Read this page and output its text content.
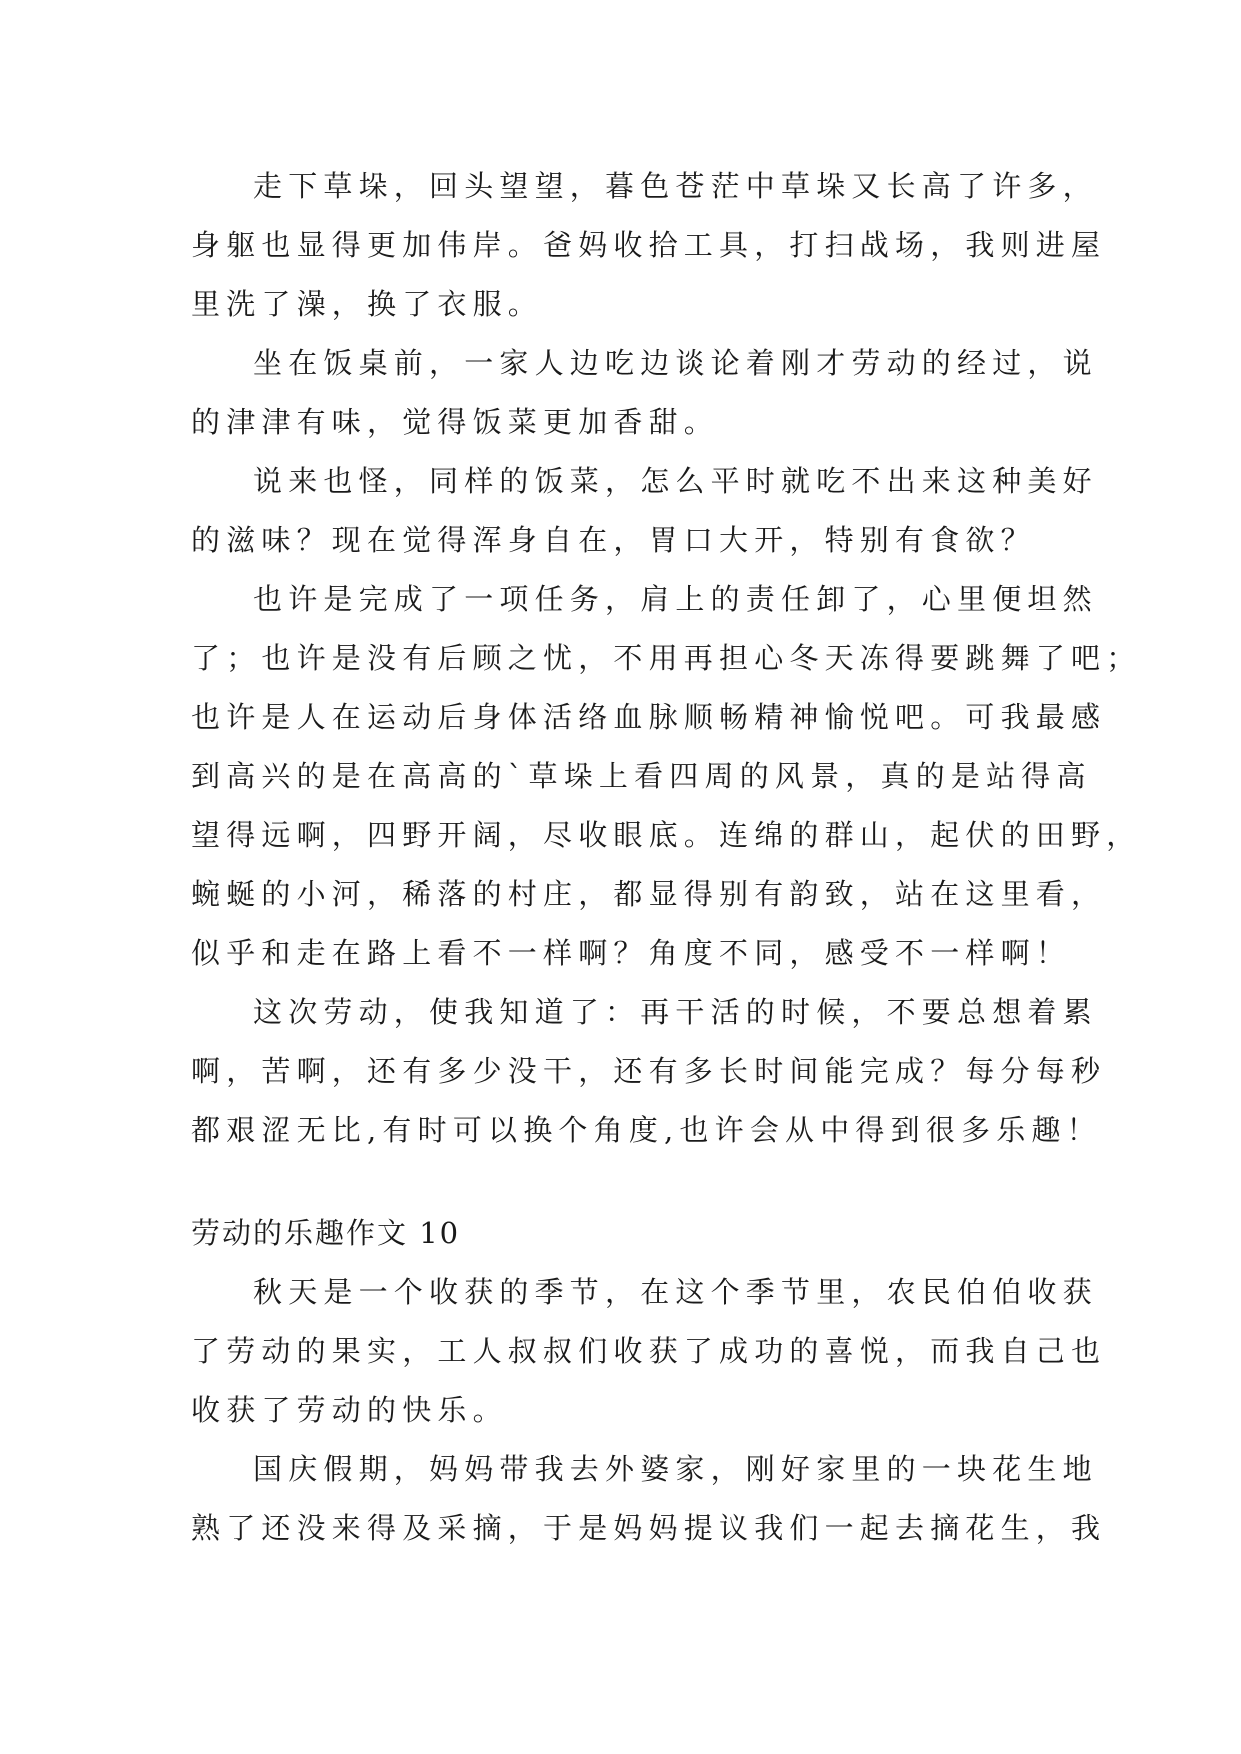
走下草垛，回头望望，暮色苍茫中草垛又长高了许多，
身躯也显得更加伟岸。爸妈收拾工具，打扫战场，我则进屋
里洗了澡，换了衣服。
坐在饭桌前，一家人边吃边谈论着刚才劳动的经过，说
的津津有味，觉得饭菜更加香甜。
说来也怪，同样的饭菜，怎么平时就吃不出来这种美好
的滋味？现在觉得浑身自在，胃口大开，特别有食欲？
也许是完成了一项任务，肩上的责任卸了，心里便坦然
了；也许是没有后顾之忧，不用再担心冬天冻得要跳舞了吧；
也许是人在运动后身体活络血脉顺畅精神愉悦吧。可我最感
到高兴的是在高高的`草垛上看四周的风景，真的是站得高
望得远啊，四野开阔，尽收眼底。连绵的群山，起伏的田野，
蜿蜒的小河，稀落的村庄，都显得别有韵致，站在这里看，
似乎和走在路上看不一样啊？角度不同，感受不一样啊！
这次劳动，使我知道了：再干活的时候，不要总想着累
啊，苦啊，还有多少没干，还有多长时间能完成？每分每秒
都艰涩无比,有时可以换个角度,也许会从中得到很多乐趣！
劳动的乐趣作文 10
秋天是一个收获的季节，在这个季节里，农民伯伯收获
了劳动的果实，工人叔叔们收获了成功的喜悦，而我自己也
收获了劳动的快乐。
国庆假期，妈妈带我去外婆家，刚好家里的一块花生地
熟了还没来得及采摘，于是妈妈提议我们一起去摘花生，我
